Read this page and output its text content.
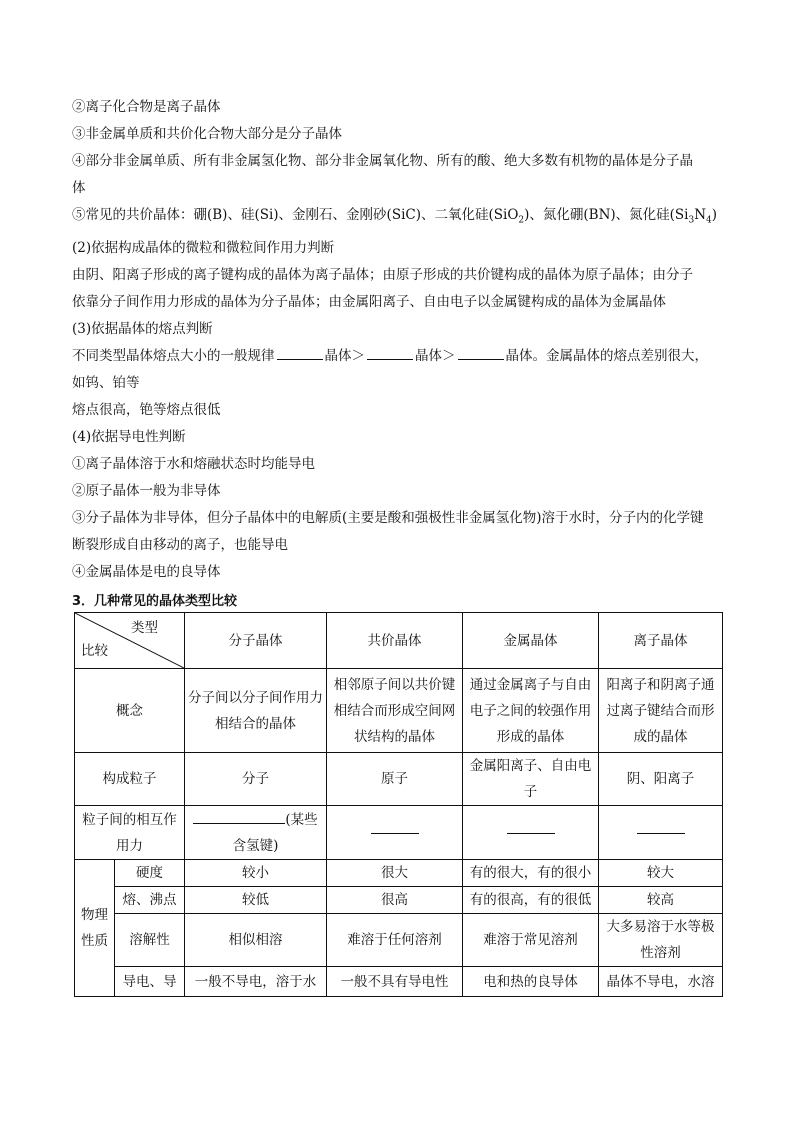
②离子化合物是离子晶体
③非金属单质和共价化合物大部分是分子晶体
④部分非金属单质、所有非金属氢化物、部分非金属氧化物、所有的酸、绝大多数有机物的晶体是分子晶
体
⑤常见的共价晶体：硼(B)、硅(Si)、金刚石、金刚砂(SiC)、二氧化硅(SiO$_2$)、氮化硼(BN)、氮化硅$(Si_3N_4)$
(2)依据构成晶体的微粒和微粒间作用力判断
由阴、阳离子形成的离子键构成的晶体为离子晶体；由原子形成的共价键构成的晶体为原子晶体；由分子
依靠分子间作用力形成的晶体为分子晶体；由金属阳离子、自由电子以金属键构成的晶体为金属晶体
(3)依据晶体的熔点判断
不同类型晶体熔点大小的一般规律	晶体＞	晶体＞	晶体。金属晶体的熔点差别很大，
如钨、铂等
熔点很高，铯等熔点很低
(4)依据导电性判断
①离子晶体溶于水和熔融状态时均能导电
②原子晶体一般为非导体
③分子晶体为非导体，但分子晶体中的电解质(主要是酸和强极性非金属氢化物)溶于水时，分子内的化学键
断裂形成自由移动的离子，也能导电
④金属晶体是电的良导体
3．几种常见的晶体类型比较
类型
比较		分子晶体	共价晶体	金属晶体	离子晶体
概念		分子间以分子间作用力相结合的晶体	相邻原子间以共价键相结合而形成空间网状结构的晶体	通过金属离子与自由电子之间的较强作用形成的晶体	阳离子和阴离子通过离子键结合而形成的晶体
构成粒子		分子	原子	金属阳离子、自由电子	阴、阳离子
粒子间的相互作用力		(某些含氢键)			
物理性质	硬度	较小	很大	有的很大，有的很小	较大
	熔、沸点	较低	很高	有的很高，有的很低	较高
	溶解性	相似相溶	难溶于任何溶剂	难溶于常见溶剂	大多易溶于水等极性溶剂
	导电、导	一般不导电，溶于水	一般不具有导电性	电和热的良导体	晶体不导电，水溶
